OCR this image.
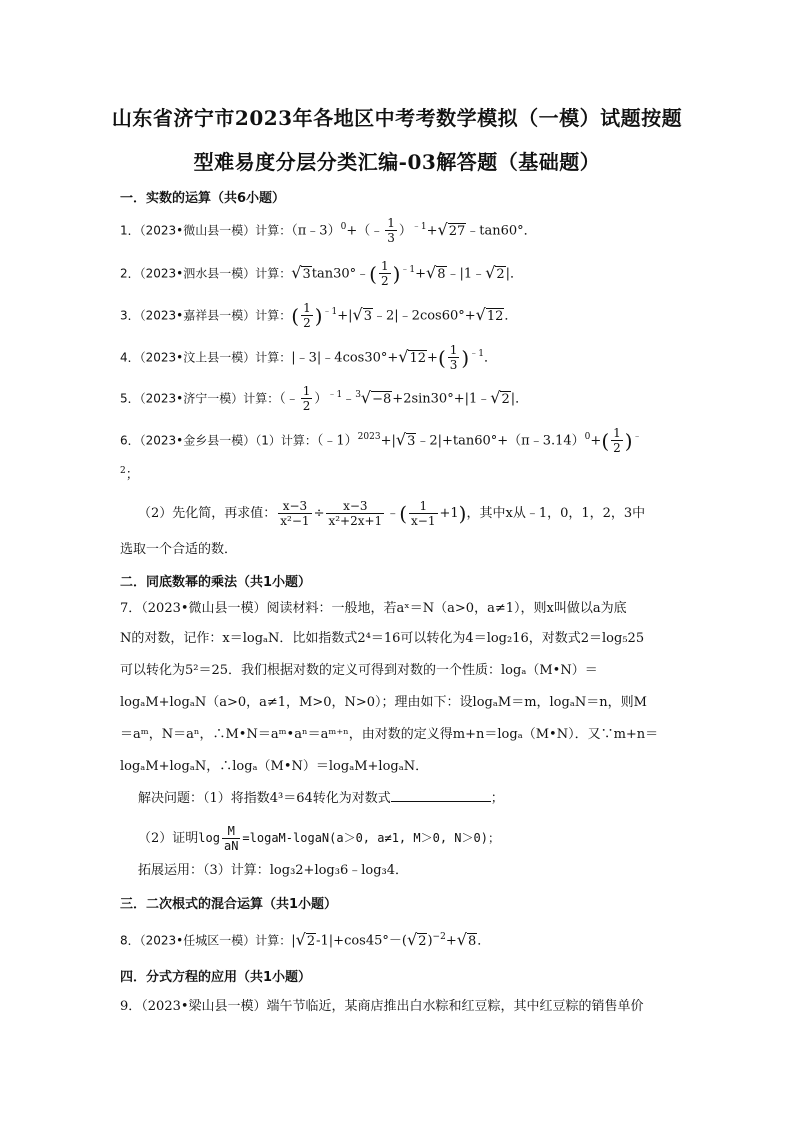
山东省济宁市2023年各地区中考考数学模拟（一模）试题按题
型难易度分层分类汇编-03解答题（基础题）
一．实数的运算（共6小题）
1．（2023•微山县一模）计算：（π﹣3）$^0$+（﹣ $\frac{1}{3}$ ）$^{﹣1}$+√27﹣tan60°．
2．（2023•泗水县一模）计算：√3tan30°﹣( $\frac{1}{2}$ )$^{﹣1}$+√8﹣|1﹣√2|．
3．（2023•嘉祥县一模）计算：( $\frac{1}{2}$ )$^{﹣1}$+|√3﹣2|﹣2cos60°+√12．
4．（2023•汶上县一模）计算：|﹣3|﹣4cos30°+√12+( $\frac{1}{3} )^{﹣1}$．
5．（2023•济宁一模）计算：（﹣ $\frac{1}{2}$ ）$^{﹣1}$﹣$^3$√−8+2sin30°+|1﹣√2|．
6．（2023•金乡县一模）（1）计算：（﹣1）$^{2023}$+|√3﹣2|+tan60°+（π﹣3.14）$^0$+( $\frac{1}{2} )^﹣$
$^2$；
（2）先化简，再求值： $\frac{x-3}{\text{x²−1}} \div \frac{x-3}{\text{x²+2x+1}}$ ﹣( $\frac{1}{x-1} +1$)，其中x从﹣1，0，1，2，3中
选取一个合适的数．
二．同底数幂的乘法（共1小题）
7．（2023•微山县一模）阅读材料：一般地，若aˣ＝N（a>0，a≠1），则x叫做以a为底
N的对数，记作：x＝logₐN．比如指数式2⁴＝16可以转化为4＝log₂16，对数式2＝log₅25
可以转化为5²＝25．我们根据对数的定义可得到对数的一个性质：logₐ（M•N）＝
logₐM+logₐN（a>0，a≠1，M>0，N>0）；理由如下：设logₐM＝m，logₐN＝n，则M
＝aᵐ，N＝aⁿ，∴M•N＝aᵐ•aⁿ＝aᵐ⁺ⁿ，由对数的定义得m+n＝logₐ（M•N）．又∵m+n＝
logₐM+logₐN，∴logₐ（M•N）＝logₐM+logₐN．
解决问题：（1）将指数4³＝64转化为对数式	；
（2）证明$\log \frac{M}{aN}$ =logaM-logaN(a＞0, a≠1, M＞0, N＞0)；
拓展运用：（3）计算：log₃2+log₃6﹣log₃4．
三．二次根式的混合运算（共1小题）
8．（2023•任城区一模）计算：$|√2-1|+\cos 45^\circ-(√2)^{-2}+√8$．
四．分式方程的应用（共1小题）
9．（2023•梁山县一模）端午节临近，某商店推出白水粽和红豆粽，其中红豆粽的销售单价
